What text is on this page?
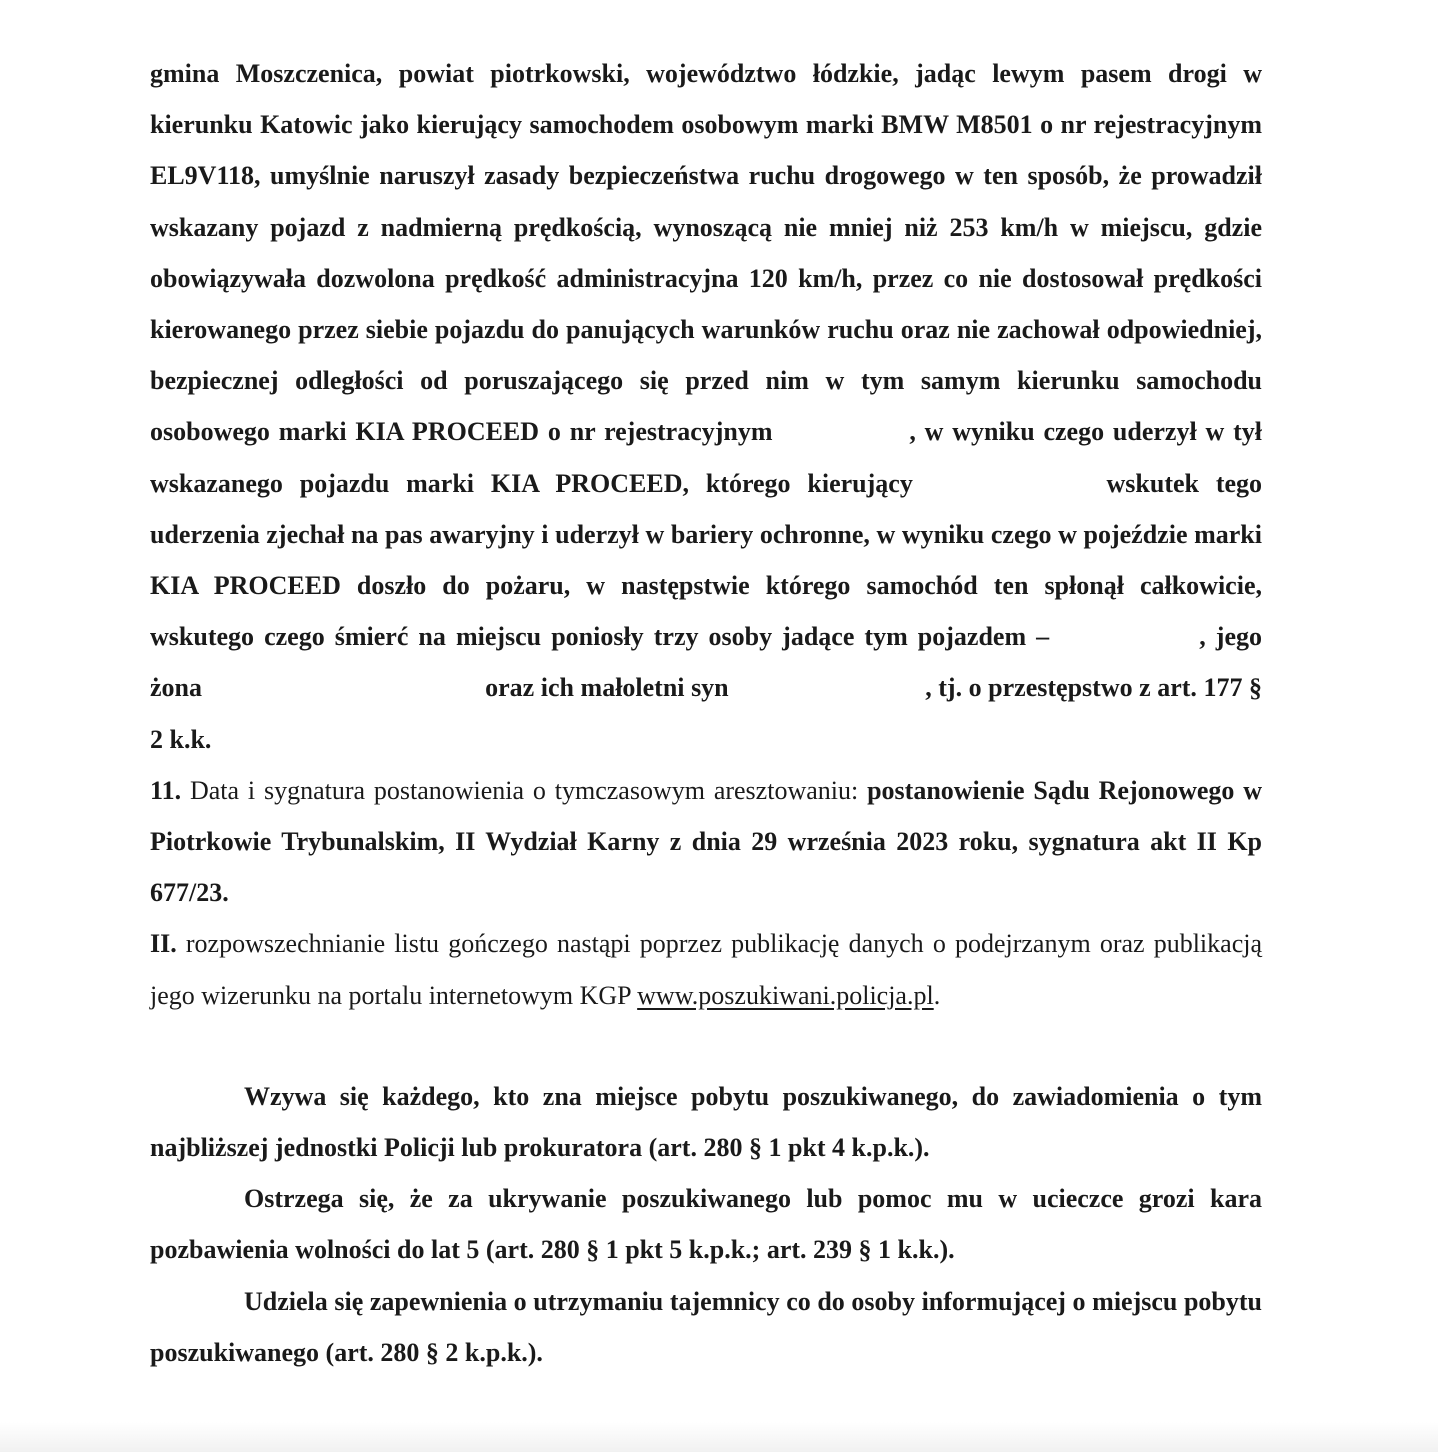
gmina Moszczenica, powiat piotrkowski, województwo łódzkie, jadąc lewym pasem drogi w kierunku Katowic jako kierujący samochodem osobowym marki BMW M8501 o nr rejestracyjnym EL9V118, umyślnie naruszył zasady bezpieczeństwa ruchu drogowego w ten sposób, że prowadził wskazany pojazd z nadmierną prędkością, wynoszącą nie mniej niż 253 km/h w miejscu, gdzie obowiązywała dozwolona prędkość administracyjna 120 km/h, przez co nie dostosował prędkości kierowanego przez siebie pojazdu do panujących warunków ruchu oraz nie zachował odpowiedniej, bezpiecznej odległości od poruszającego się przed nim w tym samym kierunku samochodu osobowego marki KIA PROCEED o nr rejestracyjnym	, w wyniku czego uderzył w tył wskazanego pojazdu marki KIA PROCEED, którego kierujący	wskutek tego uderzenia zjechał na pas awaryjny i uderzył w bariery ochronne, w wyniku czego w pojeździe marki KIA PROCEED doszło do pożaru, w następstwie którego samochód ten spłonął całkowicie, wskutego czego śmierć na miejscu poniosły trzy osoby jadące tym pojazdem –	, jego żona	oraz ich małoletni syn	, tj. o przestępstwo z art. 177 § 2 k.k.

11. Data i sygnatura postanowienia o tymczasowym aresztowaniu: postanowienie Sądu Rejonowego w Piotrkowie Trybunalskim, II Wydział Karny z dnia 29 września 2023 roku, sygnatura akt II Kp 677/23.

II. rozpowszechnianie listu gończego nastąpi poprzez publikację danych o podejrzanym oraz publikacją jego wizerunku na portalu internetowym KGP www.poszukiwani.policja.pl.

Wzywa się każdego, kto zna miejsce pobytu poszukiwanego, do zawiadomienia o tym najbliższej jednostki Policji lub prokuratora (art. 280 § 1 pkt 4 k.p.k.).

Ostrzega się, że za ukrywanie poszukiwanego lub pomoc mu w ucieczce grozi kara pozbawienia wolności do lat 5 (art. 280 § 1 pkt 5 k.p.k.; art. 239 § 1 k.k.).

Udziela się zapewnienia o utrzymaniu tajemnicy co do osoby informującej o miejscu pobytu poszukiwanego (art. 280 § 2 k.p.k.).
